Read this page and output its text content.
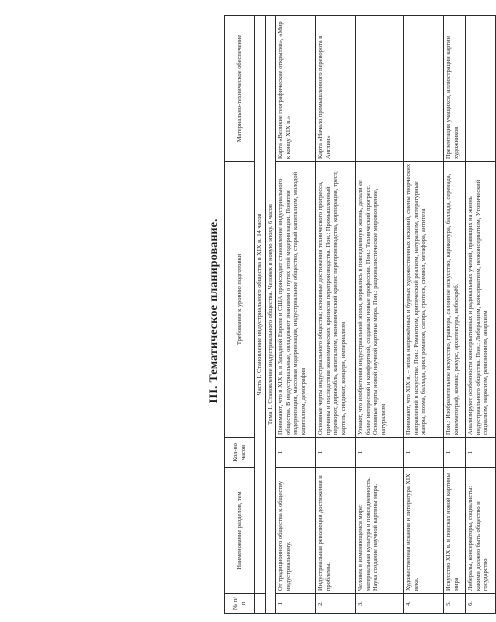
III. Тематическое планирование.
№ п/п	Наименование разделов, тем	Кол-во часов	Требования к уровню подготовки	Материально-техническое обеспечение
	Часть I. Становление индустриального общества в XIX в. 14 часов			
Тема 1. Становление индустриального общества. Человек в новую эпоху. 6 часов				
1	От традиционного общества к обществу индустриальному.	1	Понимают, что в XIX в. в Западной Европе и США происходит становление индустриального общества. В индустриальные, овладевают знаниями о путях этой модернизации. Понятия модернизация, массовая модернизация, индустриальное общество, старый капитализм, молодой капитализм, демография	Карта «Великие географические открытия», «Мир к концу XIX в.»
2.	Индустриальная революция достижения и проблемы.	1	Основные черты индустриального общества; основные достижения технического прогресса, причины и последствия экономических кризисов перепроизводства. Пон.: Промышленный переворот, дирижабль, капитализм, экономический кризис перепроизводства, корпорация, трест, картель, синдикат, концерн, империализм	Карта «Начало промышленного переворота в Англии»
3.	Человек в изменяющемся мире: материальная культура и повседневность. Наука создание научной картины мира.	1	Узнают, что изобретения индустриальной эпохи, ворвались в повседневную жизнь, делали ее более интересной и комфортной, создавали новые профессии. Пон.: Технический прогресс. Основные черты новой научной картины мира. Пон.: рационалистическое мировоззрение, натурализм	
4.	Художественная искания и литература XIX века.	1	Понимают, что XIX в. – эпоха напряжённых и бурных художественных исканий, смены творческих направлений в искусстве. Пон.: Романтизм, критический реализм, натурализм, литературные жанры, поэма, баллада, цикл романов, сатира, гротеск, символ, метафора, антитеза	
5.	Искусство XIX в. в поисках новой картины мира	1	Пон.: Изобразительное искусство, гравюра, салонное искусство, карикатура, баллада, серенада, кинематограф, комикс, рекурс, архитектура, небоскрёб.	Презентация учащихся, иллюстрации картин художников
6.	Либералы, консерваторы, социалисты: какими должно быть общество и государство	1	Анализируют особенности консервативных и радикальных учений, правящих на жизнь индустриального общества. Пон.: Либерализм, консерватизм, неоконсерватизм, Утопический социализм, марксизм, ревизионизм, анархизм	
